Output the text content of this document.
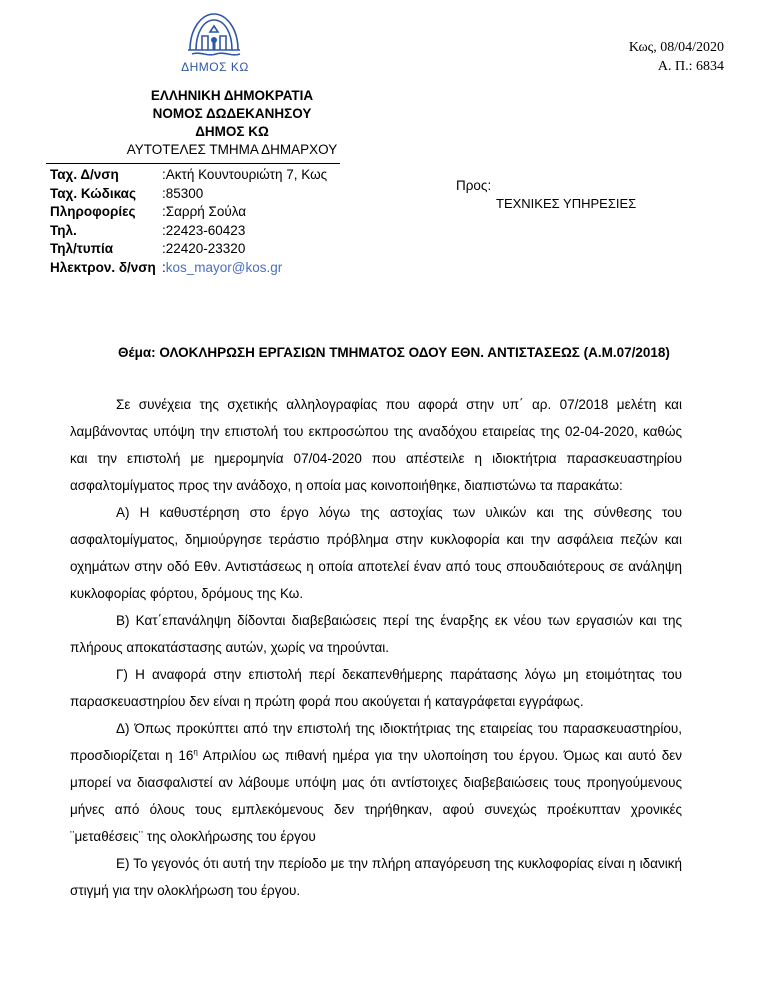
ΔΗΜΟΣ ΚΩ
Κως, 08/04/2020
Α. Π.: 6834
ΕΛΛΗΝΙΚΗ ΔΗΜΟΚΡΑΤΙΑ
ΝΟΜΟΣ ΔΩΔΕΚΑΝΗΣΟΥ
ΔΗΜΟΣ ΚΩ
ΑΥΤΟΤΕΛΕΣ ΤΜΗΜΑ ΔΗΜΑΡΧΟΥ
Ταχ. Δ/νση	:Ακτή Κουντουριώτη 7, Κως
Ταχ. Κώδικας :85300
Πληροφορίες :Σαρρή Σούλα
Τηλ.	:22423-60423
Τηλ/τυπία	:22420-23320
Ηλεκτρον. δ/νση :kos_mayor@kos.gr
Προς:
ΤΕΧΝΙΚΕΣ ΥΠΗΡΕΣΙΕΣ
Θέμα: ΟΛΟΚΛΗΡΩΣΗ ΕΡΓΑΣΙΩΝ ΤΜΗΜΑΤΟΣ ΟΔΟΥ ΕΘΝ. ΑΝΤΙΣΤΑΣΕΩΣ (Α.Μ.07/2018)

Σε συνέχεια της σχετικής αλληλογραφίας που αφορά στην υπ΄ αρ. 07/2018 μελέτη και λαμβάνοντας υπόψη την επιστολή του εκπροσώπου της αναδόχου εταιρείας της 02-04-2020, καθώς και την επιστολή με ημερομηνία 07/04-2020 που απέστειλε η ιδιοκτήτρια παρασκευαστηρίου ασφαλτομίγματος προς την ανάδοχο, η οποία μας κοινοποιήθηκε, διαπιστώνω τα παρακάτω:

Α) Η καθυστέρηση στο έργο λόγω της αστοχίας των υλικών και της σύνθεσης του ασφαλτομίγματος, δημιούργησε τεράστιο πρόβλημα στην κυκλοφορία και την ασφάλεια πεζών και οχημάτων στην οδό Εθν. Αντιστάσεως η οποία αποτελεί έναν από τους σπουδαιότερους σε ανάληψη κυκλοφορίας φόρτου, δρόμους της Κω.

Β) Κατ΄επανάληψη δίδονται διαβεβαιώσεις περί της έναρξης εκ νέου των εργασιών και της πλήρους αποκατάστασης αυτών, χωρίς να τηρούνται.

Γ) Η αναφορά στην επιστολή περί δεκαπενθήμερης παράτασης λόγω μη ετοιμότητας του παρασκευαστηρίου δεν είναι η πρώτη φορά που ακούγεται ή καταγράφεται εγγράφως.

Δ) Όπως προκύπτει από την επιστολή της ιδιοκτήτριας της εταιρείας του παρασκευαστηρίου, προσδιορίζεται η $16^\eta$ Απριλίου ως πιθανή ημέρα για την υλοποίηση του έργου. Όμως και αυτό δεν μπορεί να διασφαλιστεί αν λάβουμε υπόψη μας ότι αντίστοιχες διαβεβαιώσεις τους προηγούμενους μήνες από όλους τους εμπλεκόμενους δεν τηρήθηκαν, αφού συνεχώς προέκυπταν χρονικές ¨μεταθέσεις¨ της ολοκλήρωσης του έργου

Ε) Το γεγονός ότι αυτή την περίοδο με την πλήρη απαγόρευση της κυκλοφορίας είναι η ιδανική στιγμή για την ολοκλήρωση του έργου.
